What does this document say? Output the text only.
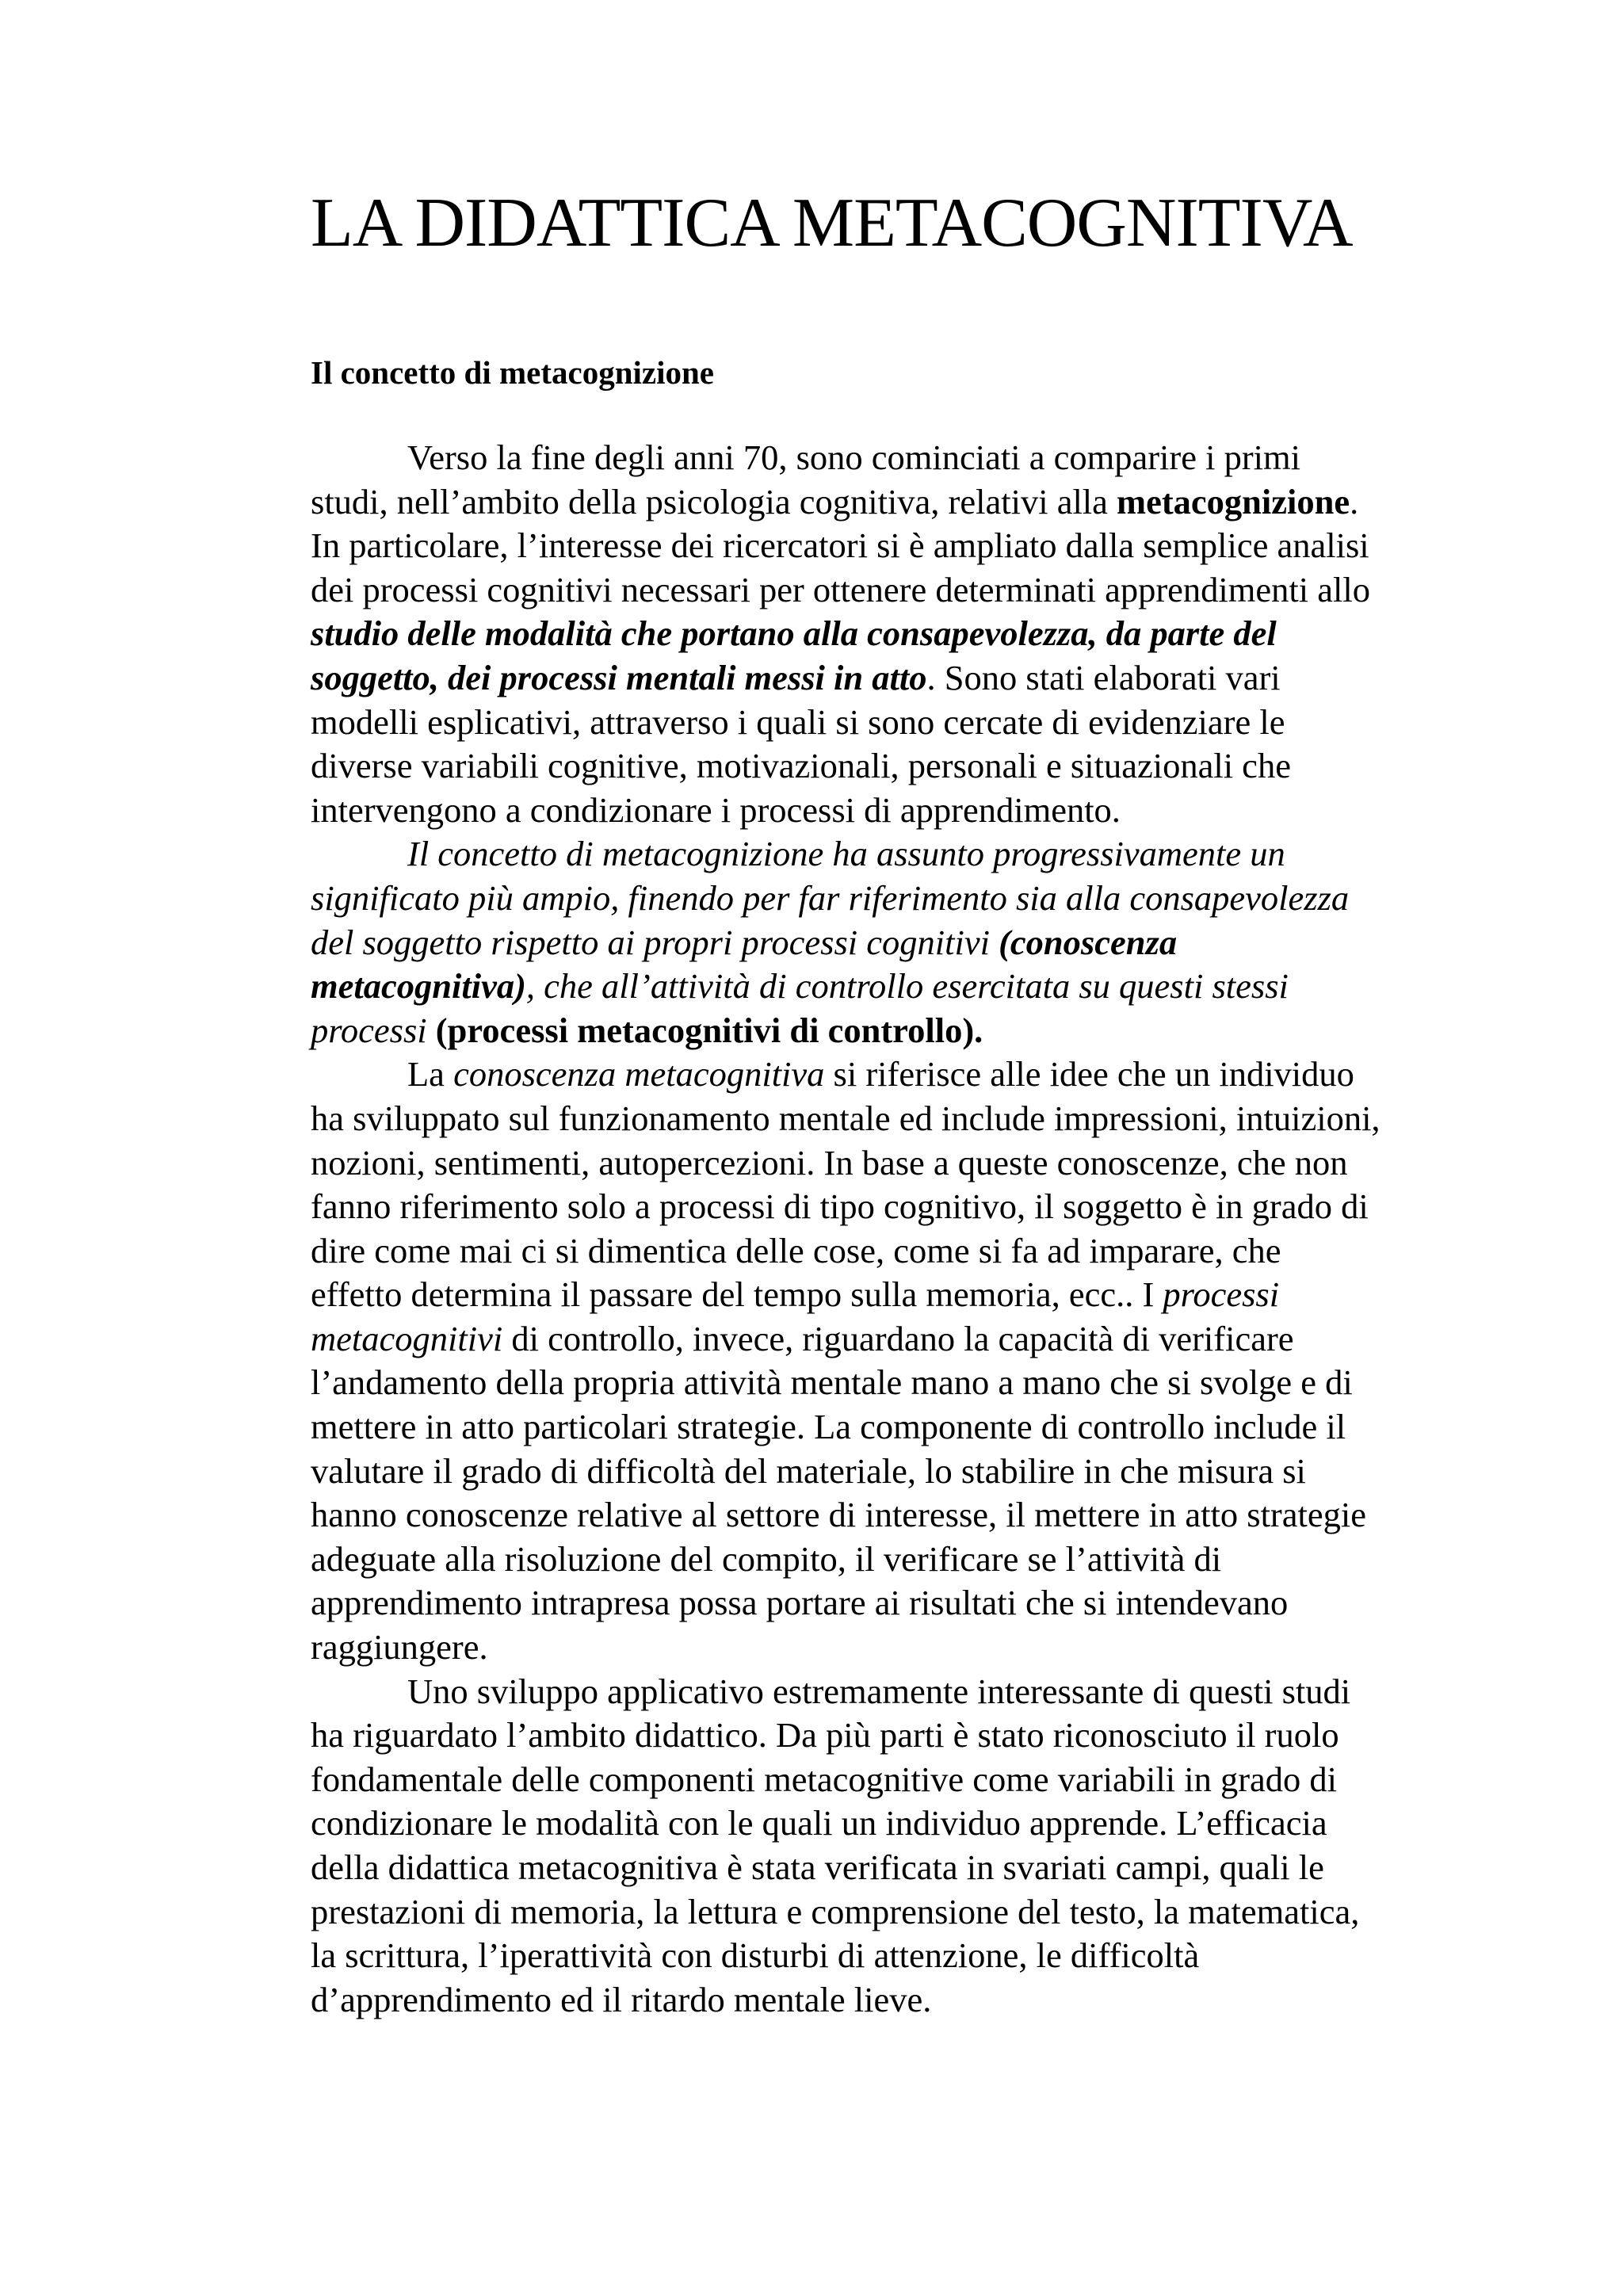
LA DIDATTICA METACOGNITIVA
Il concetto di metacognizione
Verso la fine degli anni 70, sono cominciati a comparire i primi
studi, nell’ambito della psicologia cognitiva, relativi alla metacognizione.
In particolare, l’interesse dei ricercatori si è ampliato dalla semplice analisi
dei processi cognitivi necessari per ottenere determinati apprendimenti allo
studio delle modalità che portano alla consapevolezza, da parte del
soggetto, dei processi mentali messi in atto. Sono stati elaborati vari
modelli esplicativi, attraverso i quali si sono cercate di evidenziare le
diverse variabili cognitive, motivazionali, personali e situazionali che
intervengono a condizionare i processi di apprendimento.
Il concetto di metacognizione ha assunto progressivamente un
significato più ampio, finendo per far riferimento sia alla consapevolezza
del soggetto rispetto ai propri processi cognitivi (conoscenza
metacognitiva), che all’attività di controllo esercitata su questi stessi
processi (processi metacognitivi di controllo).
La conoscenza metacognitiva si riferisce alle idee che un individuo
ha sviluppato sul funzionamento mentale ed include impressioni, intuizioni,
nozioni, sentimenti, autopercezioni. In base a queste conoscenze, che non
fanno riferimento solo a processi di tipo cognitivo, il soggetto è in grado di
dire come mai ci si dimentica delle cose, come si fa ad imparare, che
effetto determina il passare del tempo sulla memoria, ecc.. I processi
metacognitivi di controllo, invece, riguardano la capacità di verificare
l’andamento della propria attività mentale mano a mano che si svolge e di
mettere in atto particolari strategie. La componente di controllo include il
valutare il grado di difficoltà del materiale, lo stabilire in che misura si
hanno conoscenze relative al settore di interesse, il mettere in atto strategie
adeguate alla risoluzione del compito, il verificare se l’attività di
apprendimento intrapresa possa portare ai risultati che si intendevano
raggiungere.
Uno sviluppo applicativo estremamente interessante di questi studi
ha riguardato l’ambito didattico. Da più parti è stato riconosciuto il ruolo
fondamentale delle componenti metacognitive come variabili in grado di
condizionare le modalità con le quali un individuo apprende. L’efficacia
della didattica metacognitiva è stata verificata in svariati campi, quali le
prestazioni di memoria, la lettura e comprensione del testo, la matematica,
la scrittura, l’iperattività con disturbi di attenzione, le difficoltà
d’apprendimento ed il ritardo mentale lieve.
